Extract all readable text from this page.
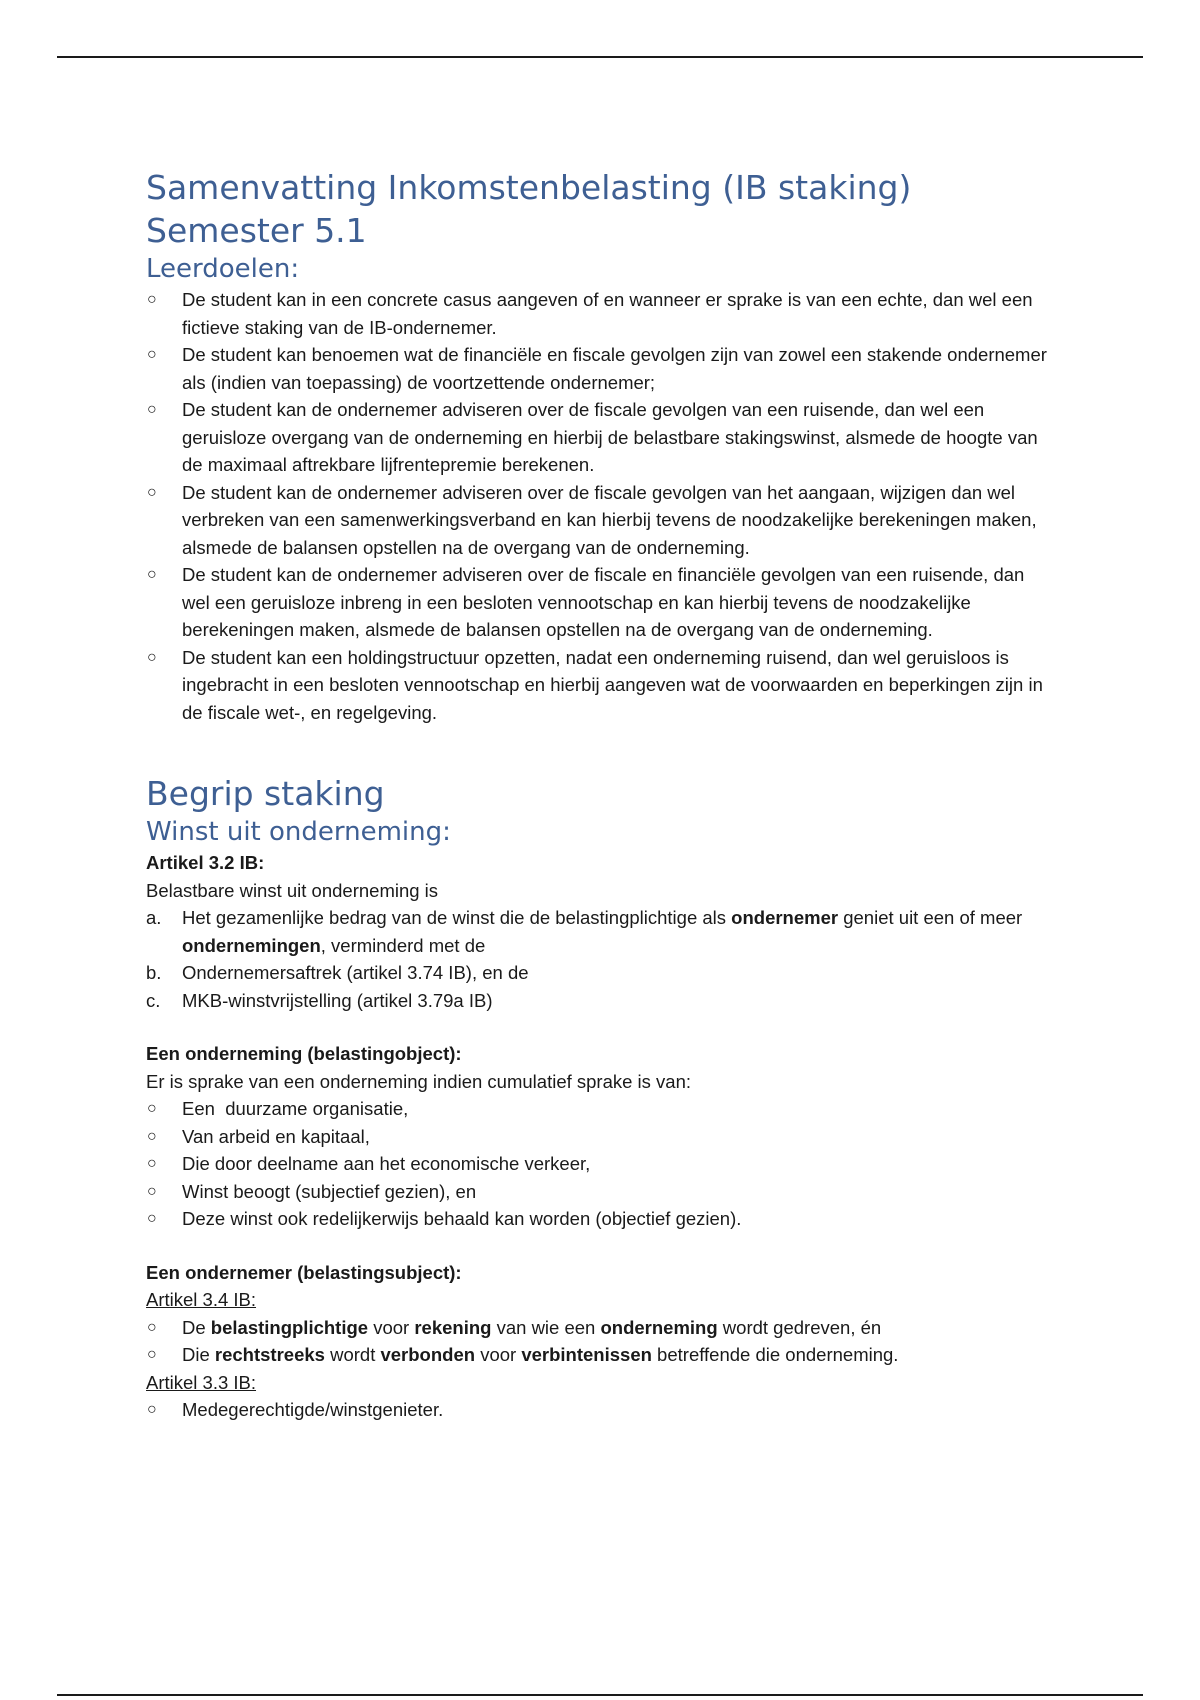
Samenvatting Inkomstenbelasting (IB staking)
Semester 5.1
Leerdoelen:
○ De student kan in een concrete casus aangeven of en wanneer er sprake is van een echte, dan wel een fictieve staking van de IB-ondernemer.
○ De student kan benoemen wat de financiële en fiscale gevolgen zijn van zowel een stakende ondernemer als (indien van toepassing) de voortzettende ondernemer;
○ De student kan de ondernemer adviseren over de fiscale gevolgen van een ruisende, dan wel een geruisloze overgang van de onderneming en hierbij de belastbare stakingswinst, alsmede de hoogte van de maximaal aftrekbare lijfrentepremie berekenen.
○ De student kan de ondernemer adviseren over de fiscale gevolgen van het aangaan, wijzigen dan wel verbreken van een samenwerkingsverband en kan hierbij tevens de noodzakelijke berekeningen maken, alsmede de balansen opstellen na de overgang van de onderneming.
○ De student kan de ondernemer adviseren over de fiscale en financiële gevolgen van een ruisende, dan wel een geruisloze inbreng in een besloten vennootschap en kan hierbij tevens de noodzakelijke berekeningen maken, alsmede de balansen opstellen na de overgang van de onderneming.
○ De student kan een holdingstructuur opzetten, nadat een onderneming ruisend, dan wel geruisloos is ingebracht in een besloten vennootschap en hierbij aangeven wat de voorwaarden en beperkingen zijn in de fiscale wet-, en regelgeving.
Begrip staking
Winst uit onderneming:

Artikel 3.2 IB:

Belastbare winst uit onderneming is

a. Het gezamenlijke bedrag van de winst die de belastingplichtige als ondernemer geniet uit een of meer ondernemingen, verminderd met de
b. Ondernemersaftrek (artikel 3.74 IB), en de
c. MKB-winstvrijstelling (artikel 3.79a IB)

Een onderneming (belastingobject):

Er is sprake van een onderneming indien cumulatief sprake is van:

○ Een  duurzame organisatie,
○ Van arbeid en kapitaal,
○ Die door deelname aan het economische verkeer,
○ Winst beoogt (subjectief gezien), en
○ Deze winst ook redelijkerwijs behaald kan worden (objectief gezien).

Een ondernemer (belastingsubject):

Artikel 3.4 IB:

○ De belastingplichtige voor rekening van wie een onderneming wordt gedreven, én
○ Die rechtstreeks wordt verbonden voor verbintenissen betreffende die onderneming.

Artikel 3.3 IB:

○ Medegerechtigde/winstgenieter.
